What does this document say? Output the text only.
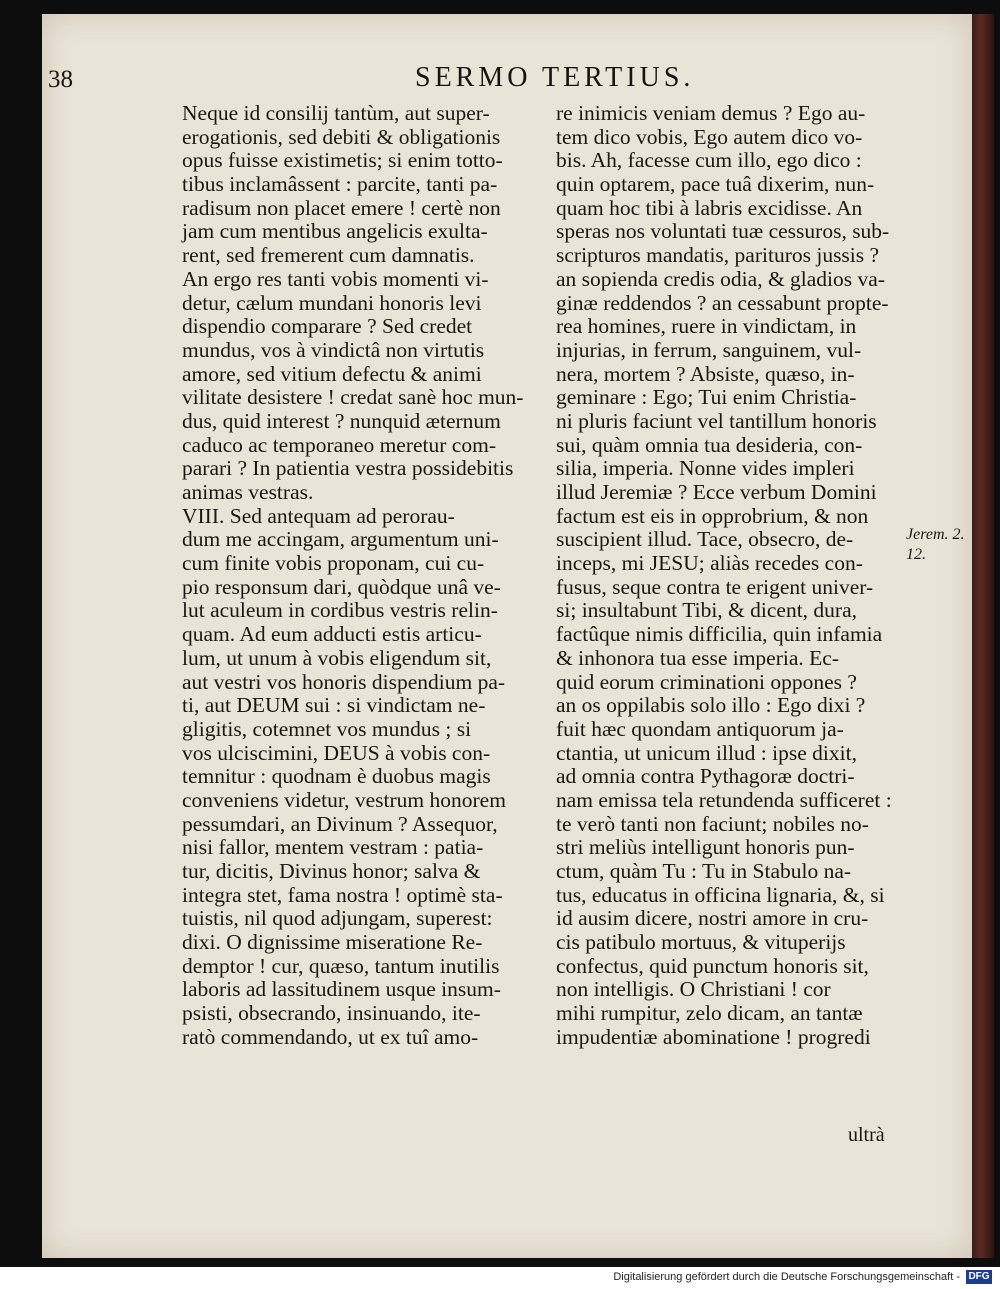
38	SERMO TERTIUS.
Neque id consilij tantùm, aut super-
erogationis, sed debiti & obligationis
opus fuisse existimetis; si enim totto-
tibus inclamâssent : parcite, tanti pa-
radisum non placet emere ! certè non
jam cum mentibus angelicis exulta-
rent, sed fremerent cum damnatis.
An ergo res tanti vobis momenti vi-
detur, cælum mundani honoris levi
dispendio comparare ? Sed credet
mundus, vos à vindictâ non virtutis
amore, sed vitium defectu & animi
vilitate desistere ! credat sanè hoc mun-
dus, quid interest ? nunquid æternum
caduco ac temporaneo meretur com-
parari ? In patientia vestra possidebitis
animas vestras.
VIII. Sed antequam ad perorau-
dum me accingam, argumentum uni-
cum finite vobis proponam, cui cu-
pio responsum dari, quòdque unâ ve-
lut aculeum in cordibus vestris relin-
quam. Ad eum adducti estis articu-
lum, ut unum à vobis eligendum sit,
aut vestri vos honoris dispendium pa-
ti, aut DEUM sui : si vindictam ne-
gligitis, cotemnet vos mundus ; si
vos ulciscimini, DEUS à vobis con-
temnitur : quodnam è duobus magis
conveniens videtur, vestrum honorem
pessumdari, an Divinum ? Assequor,
nisi fallor, mentem vestram : patia-
tur, dicitis, Divinus honor; salva &
integra stet, fama nostra ! optimè sta-
tuistis, nil quod adjungam, superest:
dixi. O dignissime miseratione Re-
demptor ! cur, quæso, tantum inutilis
laboris ad lassitudinem usque insum-
psisti, obsecrando, insinuando, ite-
ratò commendando, ut ex tuî amo-
re inimicis veniam demus ? Ego au-
tem dico vobis, Ego autem dico vo-
bis. Ah, facesse cum illo, ego dico :
quin optarem, pace tuâ dixerim, nun-
quam hoc tibi à labris excidisse. An
speras nos voluntati tuæ cessuros, sub-
scripturos mandatis, parituros jussis ?
an sopienda credis odia, & gladios va-
ginæ reddendos ? an cessabunt propte-
rea homines, ruere in vindictam, in
injurias, in ferrum, sanguinem, vul-
nera, mortem ? Absiste, quæso, in-
geminare : Ego; Tui enim Christia-
ni pluris faciunt vel tantillum honoris
sui, quàm omnia tua desideria, con-
silia, imperia. Nonne vides impleri
illud Jeremiæ ? Ecce verbum Domini
factum est eis in opprobrium, & non
suscipient illud. Tace, obsecro, de-
inceps, mi JESU; aliàs recedes con-
fusus, seque contra te erigent univer-
si; insultabunt Tibi, & dicent, dura,
factûque nimis difficilia, quin infamia
& inhonora tua esse imperia. Ec-
quid eorum criminationi oppones ?
an os oppilabis solo illo : Ego dixi ?
fuit hæc quondam antiquorum ja-
ctantia, ut unicum illud : ipse dixit,
ad omnia contra Pythagoræ doctri-
nam emissa tela retundenda sufficeret :
te verò tanti non faciunt; nobiles no-
stri meliùs intelligunt honoris pun-
ctum, quàm Tu : Tu in Stabulo na-
tus, educatus in officina lignaria, &, si
id ausim dicere, nostri amore in cru-
cis patibulo mortuus, & vituperijs
confectus, quid punctum honoris sit,
non intelligis. O Christiani ! cor
mihi rumpitur, zelo dicam, an tantæ
impudentiæ abominatione ! progredi
Jerem. 2.
12.
ultrà
Digitalisierung gefördert durch die Deutsche Forschungsgemeinschaft - DFG
